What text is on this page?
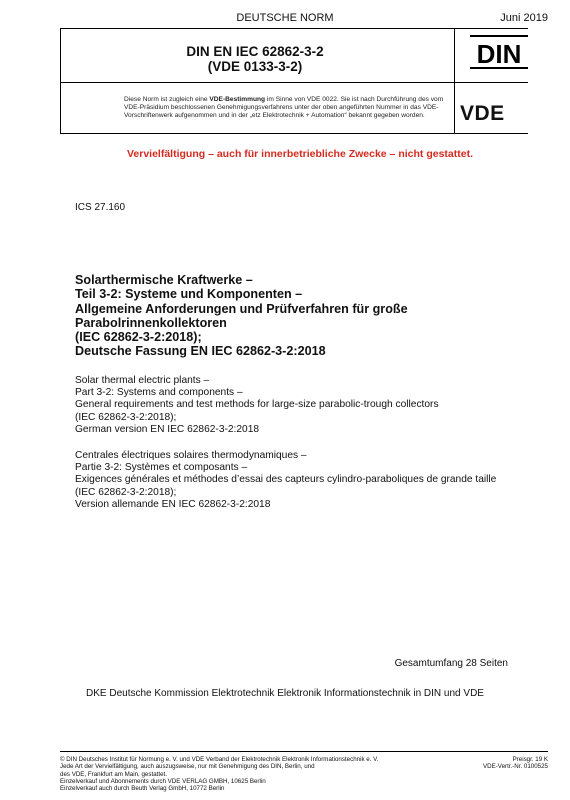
DEUTSCHE NORM	Juni 2019
DIN EN IEC 62862-3-2
(VDE 0133-3-2)	DIN
Diese Norm ist zugleich eine VDE-Bestimmung im Sinne von VDE 0022. Sie ist nach Durchführung des vom VDE-Präsidium beschlossenen Genehmigungsverfahrens unter der oben angeführten Nummer in das VDE-Vorschriftenwerk aufgenommen und in der „etz Elektrotechnik + Automation“ bekannt gegeben worden.	VDE
Vervielfältigung – auch für innerbetriebliche Zwecke – nicht gestattet.
ICS 27.160
Solarthermische Kraftwerke –
Teil 3-2: Systeme und Komponenten –
Allgemeine Anforderungen und Prüfverfahren für große
Parabolrinnenkollektoren
(IEC 62862-3-2:2018);
Deutsche Fassung EN IEC 62862-3-2:2018
Solar thermal electric plants –
Part 3-2: Systems and components –
General requirements and test methods for large-size parabolic-trough collectors
(IEC 62862-3-2:2018);
German version EN IEC 62862-3-2:2018
Centrales électriques solaires thermodynamiques –
Partie 3-2: Systèmes et composants –
Exigences générales et méthodes d’essai des capteurs cylindro-paraboliques de grande taille
(IEC 62862-3-2:2018);
Version allemande EN IEC 62862-3-2:2018
Gesamtumfang 28 Seiten
DKE Deutsche Kommission Elektrotechnik Elektronik Informationstechnik in DIN und VDE
© DIN Deutsches Institut für Normung e. V. und VDE Verband der Elektrotechnik Elektronik Informationstechnik e. V.
Jede Art der Vervielfältigung, auch auszugsweise, nur mit Genehmigung des DIN, Berlin, und
des VDE, Frankfurt am Main, gestattet.
Einzelverkauf und Abonnements durch VDE VERLAG GMBH, 10625 Berlin
Einzelverkauf auch durch Beuth Verlag GmbH, 10772 Berlin
Preisgr. 19 K
VDE-Vertr.-Nr. 0100525
